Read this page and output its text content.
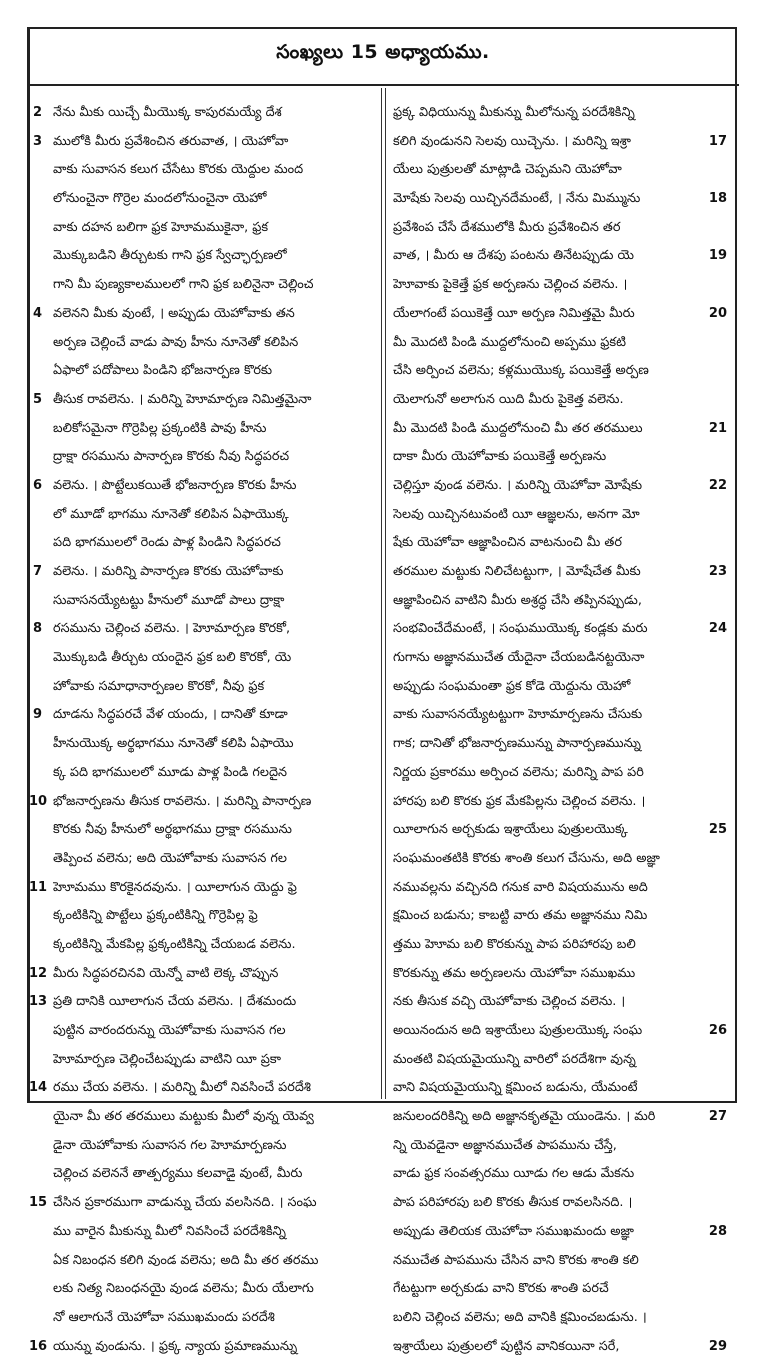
సంఖ్యలు 15 అధ్యాయము.
2 నేను మీకు యిచ్చే మీయొక్క కాపురమయ్యే దేశ
3 ములోకి మీరు ప్రవేశించిన తరువాత, । యెహోవా
వాకు సువాసన కలుగ చేసేటు కొరకు యెద్దుల మంద
లోనుంచైనా గొర్రెల మందలోనుంచైనా యెహో
వాకు దహన బలిగా ఫ్రక హెూమముకైనా, ఫ్రక
మొక్కుబడిని తీర్చుటకు గాని ఫ్రక స్వేచ్ఛార్పణలో
గాని మీ పుణ్యకాలములలో గాని ఫ్రక బలినైనా చెల్లించ
4 వలెనని మీకు వుంటే, । అప్పుడు యెహోవాకు తన
అర్పణ చెల్లించే వాడు పావు హీను నూనెతో కలిపిన
ఏఫాలో పదోపాలు పిండిని భోజనార్పణ కొరకు
5 తీసుక రావలెను. । మరిన్ని హెూమార్పణ నిమిత్తమైనా
బలికోసమైనా గొర్రెపిల్ల ప్రక్కంటికి పావు హీను
ద్రాక్షా రసమును పానార్పణ కొరకు నీవు సిద్ధపరచ
6 వలెను. । పొట్టేలుకయితే భోజనార్పణ కొరకు హీను
లో మూడో భాగము నూనెతో కలిపిన ఏఫాయొక్క
పది భాగములలో రెండు పాళ్ల పిండిని సిద్ధపరచ
7 వలెను. । మరిన్ని పానార్పణ కొరకు యెహోవాకు
సువాసనయ్యేటట్టు హీనులో మూడో పాలు ద్రాక్షా
8 రసమును చెల్లించ వలెను. । హెూమార్పణ కొరకో,
మొక్కుబడి తీర్చుట యందైన ఫ్రక బలి కొరకో, యె
హోవాకు సమాధానార్పణల కొరకో, నీవు ఫ్రక
9 దూడను సిద్ధపరచే వేళ యందు, । దానితో కూడా
హీనుయొక్క అర్థభాగము నూనెతో కలిపి ఏఫాయొ
క్క పది భాగములలో మూడు పాళ్ల పిండి గలదైన
10 భోజనార్పణను తీసుక రావలెను. । మరిన్ని పానార్పణ
కొరకు నీవు హీనులో అర్థభాగము ద్రాక్షా రసమును
తెప్పించ వలెను; అది యెహోవాకు సువాసన గల
11 హెూమము కొరకైనదవును. । యీలాగున యెద్దు ఫ్రె
క్కంటికిన్ని పొట్టేలు ఫ్రక్కంటికిన్ని గొర్రెపిల్ల ఫ్రె
క్కంటికిన్ని మేకపిల్ల ఫ్రక్కంటికిన్ని చేయబడ వలెను.
12 మీరు సిద్ధపరచినవి యెన్నో వాటి లెక్క చొప్పున
13 ప్రతి దానికి యీలాగున చేయ వలెను. । దేశమందు
పుట్టిన వారందరున్ను యెహోవాకు సువాసన గల
హెూమార్పణ చెల్లించేటప్పుడు వాటిని యీ ప్రకా
14 రము చేయ వలెను. । మరిన్ని మీలో నివసించే పరదేశి
యైనా మీ తర తరములు మట్టుకు మీలో వున్న యెవ్వ
డైనా యెహోవాకు సువాసన గల హెూమార్పణను
చెల్లించ వలెననే తాత్పర్యము కలవాడై వుంటే, మీరు
15 చేసిన ప్రకారముగా వాడున్ను చేయ వలసినది. । సంఘ
ము వారైన మీకున్ను మీలో నివసించే పరదేశికిన్ని
ఏక నిబంధన కలిగి వుండ వలెను; అది మీ తర తరము
లకు నిత్య నిబంధనయై వుండ వలెను; మీరు యేలాగు
నో ఆలాగునే యెహోవా సముఖమందు పరదేశి
16 యున్ను వుండును. । ఫ్రక్క న్యాయ ప్రమాణమున్ను
ఫ్రక్క విధియున్ను మీకున్ను మీలోనున్న పరదేశికిన్ని
17
కలిగి వుండునని సెలవు యిచ్చెను. । మరిన్ని ఇశ్రా
యేలు పుత్రులతో మాట్లాడి చెప్పమని యెహోవా
18
మోషేకు సెలవు యిచ్చినదేమంటే, । నేను మిమ్మును
ప్రవేశింప చేసే దేశములోకి మీరు ప్రవేశించిన తర
19
వాత, । మీరు ఆ దేశపు పంటను తినేటప్పుడు యె
హెూవాకు పైకెత్తే ఫ్రక అర్పణను చెల్లించ వలెను. ।
20
యేలాగంటే పయికెత్తే యీ అర్పణ నిమిత్తమై మీరు
మీ మొదటి పిండి ముద్దలోనుంచి అప్పము ఫ్రకటి
చేసి అర్పించ వలెను; కళ్లముయొక్క పయికెత్తే అర్పణ
యెలాగునో అలాగున యిది మీరు పైకెత్త వలెను.
21
మీ మొదటి పిండి ముద్దలోనుంచి మీ తర తరములు
దాకా మీరు యెహోవాకు పయికెత్తే అర్పణను
22
చెల్లిస్తూ వుండ వలెను. । మరిన్ని యెహోవా మోషేకు
సెలవు యిచ్చినటువంటి యీ ఆజ్ఞలను, అనగా మో
షేకు యెహోవా ఆజ్ఞాపించిన వాటనుంచి మీ తర
23
తరముల మట్టుకు నిలిచేటట్టుగా, । మోషేచేత మీకు
ఆజ్ఞాపించిన వాటిని మీరు అశ్రద్ధ చేసి తప్పినప్పుడు,
24
సంభవించేదేమంటే, । సంఘముయొక్క కండ్లకు మరు
గుగాను అజ్ఞానముచేత యేదైనా చేయబడినట్టయెనా
అప్పుడు సంఘమంతా ఫ్రక కోడె యెద్దును యెహో
వాకు సువాసనయ్యేటట్టుగా హెూమార్పణను చేసుకు
గాక; దానితో భోజనార్పణమున్ను పానార్పణమున్ను
నిర్ణయ ప్రకారము అర్పించ వలెను; మరిన్ని పాప పరి
హారపు బలి కొరకు ఫ్రక మేకపిల్లను చెల్లించ వలెను. ।
25
యీలాగున అర్చకుడు ఇశ్రాయేలు పుత్రులయొక్క
సంఘమంతటికి కొరకు శాంతి కలుగ చేసును, అది అజ్ఞా
నమువల్లను వచ్చినది గనుక వారి విషయమును అది
క్షమించ బడును; కాబట్టి వారు తమ అజ్ఞానము నిమి
త్తము హెూమ బలి కొరకున్ను పాప పరిహారపు బలి
కొరకున్ను తమ అర్పణలను యెహోవా సముఖము
నకు తీసుక వచ్చి యెహోవాకు చెల్లించ వలెను. ।
26
అయినందున అది ఇశ్రాయేలు పుత్రులయొక్క సంఘ
మంతటి విషయమైయున్ని వారిలో పరదేశిగా వున్న
వాని విషయమైయున్ని క్షమించ బడును, యేమంటే
27
జనులందరికిన్ని అది అజ్ఞానకృతమై యుండెను. । మరి
న్ని యెవడైనా అజ్ఞానముచేత పాపమును చేస్తే,
వాడు ఫ్రక సంవత్సరము యీడు గల ఆడు మేకను
పాప పరిహారపు బలి కొరకు తీసుక రావలసినది. ।
28
అప్పుడు తెలియక యెహోవా సముఖమందు అజ్ఞా
నముచేత పాపమును చేసిన వాని కొరకు శాంతి కలి
గేటట్టుగా అర్చకుడు వాని కొరకు శాంతి పరచే
బలిని చెల్లించ వలెను; అది వానికి క్షమించబడును. ।
29
ఇశ్రాయేలు పుత్రులలో పుట్టిన వానికయినా సరే,
